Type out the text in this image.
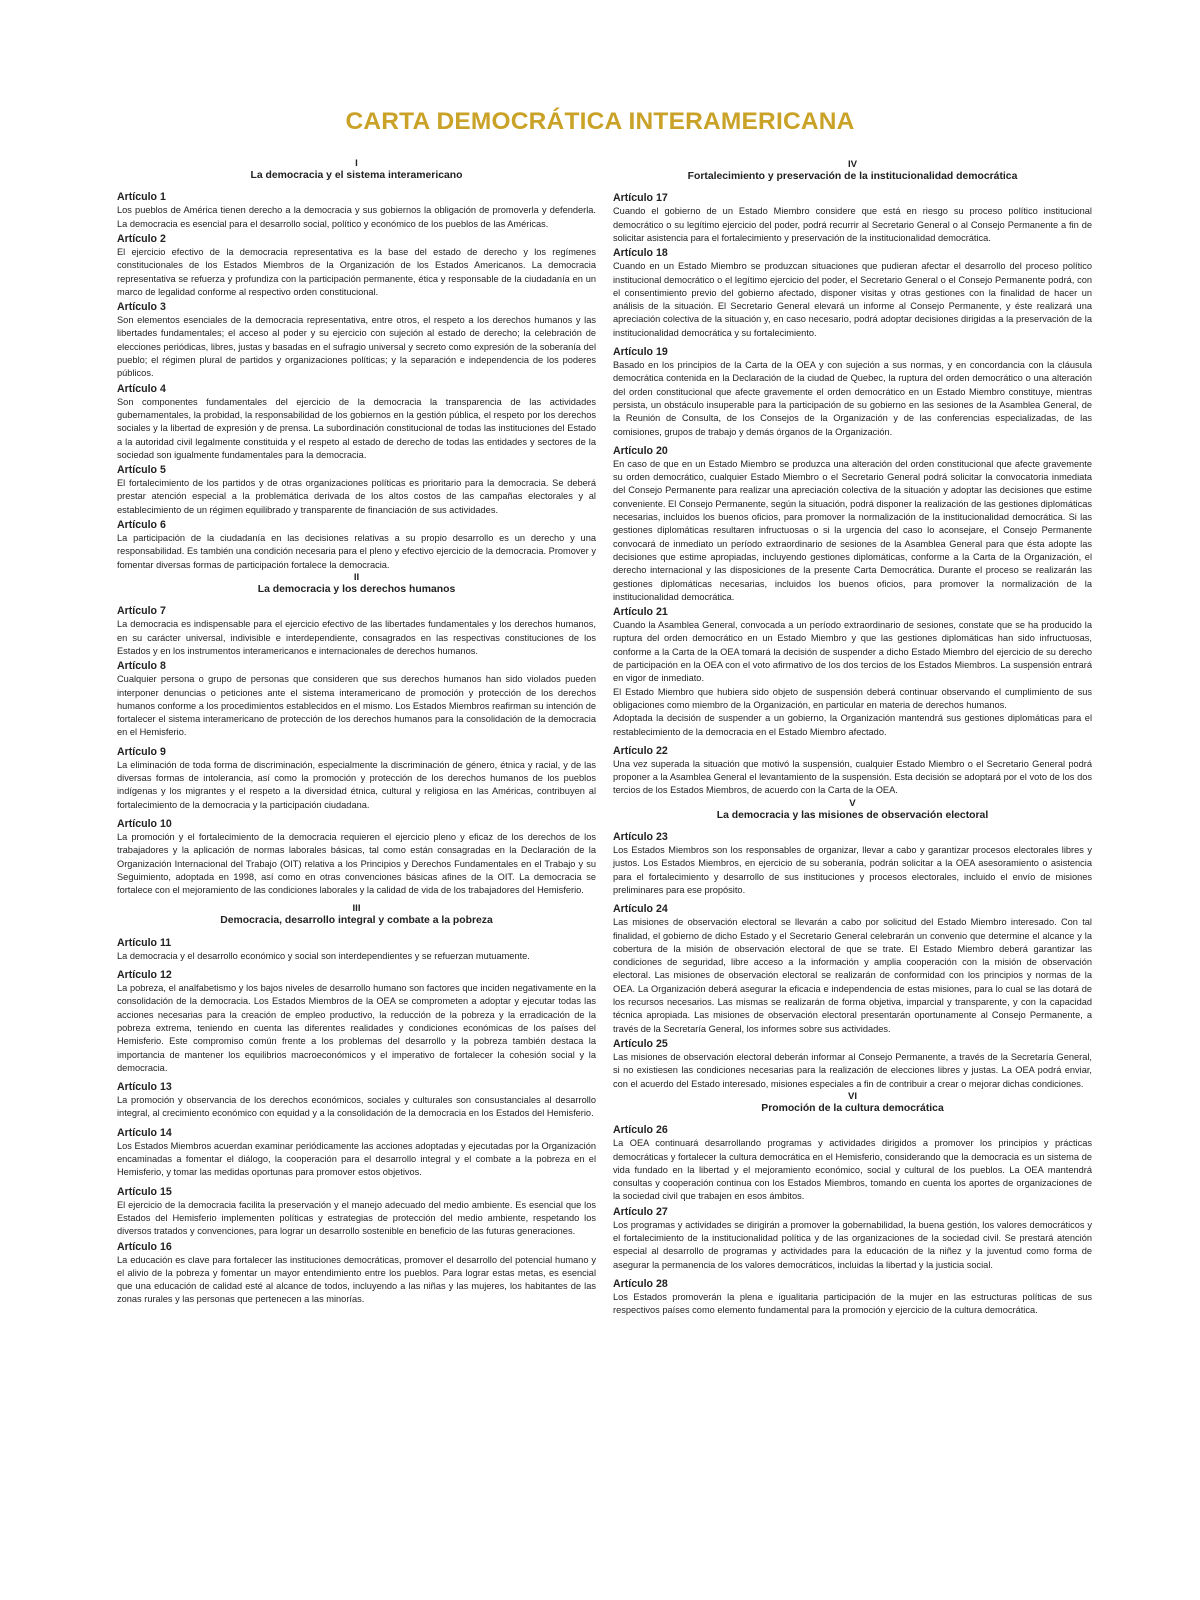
CARTA DEMOCRÁTICA INTERAMERICANA
I
La democracia y el sistema interamericano
Artículo 1

Los pueblos de América tienen derecho a la democracia y sus gobiernos la obligación de promoverla y defenderla. La democracia es esencial para el desarrollo social, político y económico de los pueblos de las Américas.

Artículo 2

El ejercicio efectivo de la democracia representativa es la base del estado de derecho y los regímenes constitucionales de los Estados Miembros de la Organización de los Estados Americanos. La democracia representativa se refuerza y profundiza con la participación permanente, ética y responsable de la ciudadanía en un marco de legalidad conforme al respectivo orden constitucional.

Artículo 3

Son elementos esenciales de la democracia representativa, entre otros, el respeto a los derechos humanos y las libertades fundamentales; el acceso al poder y su ejercicio con sujeción al estado de derecho; la celebración de elecciones periódicas, libres, justas y basadas en el sufragio universal y secreto como expresión de la soberanía del pueblo; el régimen plural de partidos y organizaciones políticas; y la separación e independencia de los poderes públicos.

Artículo 4

Son componentes fundamentales del ejercicio de la democracia la transparencia de las actividades gubernamentales, la probidad, la responsabilidad de los gobiernos en la gestión pública, el respeto por los derechos sociales y la libertad de expresión y de prensa. La subordinación constitucional de todas las instituciones del Estado a la autoridad civil legalmente constituida y el respeto al estado de derecho de todas las entidades y sectores de la sociedad son igualmente fundamentales para la democracia.

Artículo 5

El fortalecimiento de los partidos y de otras organizaciones políticas es prioritario para la democracia. Se deberá prestar atención especial a la problemática derivada de los altos costos de las campañas electorales y al establecimiento de un régimen equilibrado y transparente de financiación de sus actividades.

Artículo 6

La participación de la ciudadanía en las decisiones relativas a su propio desarrollo es un derecho y una responsabilidad. Es también una condición necesaria para el pleno y efectivo ejercicio de la democracia. Promover y fomentar diversas formas de participación fortalece la democracia.

II
La democracia y los derechos humanos
Artículo 7

La democracia es indispensable para el ejercicio efectivo de las libertades fundamentales y los derechos humanos, en su carácter universal, indivisible e interdependiente, consagrados en las respectivas constituciones de los Estados y en los instrumentos interamericanos e internacionales de derechos humanos.

Artículo 8

Cualquier persona o grupo de personas que consideren que sus derechos humanos han sido violados pueden interponer denuncias o peticiones ante el sistema interamericano de promoción y protección de los derechos humanos conforme a los procedimientos establecidos en el mismo. Los Estados Miembros reafirman su intención de fortalecer el sistema interamericano de protección de los derechos humanos para la consolidación de la democracia en el Hemisferio.

Artículo 9

La eliminación de toda forma de discriminación, especialmente la discriminación de género, étnica y racial, y de las diversas formas de intolerancia, así como la promoción y protección de los derechos humanos de los pueblos indígenas y los migrantes y el respeto a la diversidad étnica, cultural y religiosa en las Américas, contribuyen al fortalecimiento de la democracia y la participación ciudadana.

Artículo 10

La promoción y el fortalecimiento de la democracia requieren el ejercicio pleno y eficaz de los derechos de los trabajadores y la aplicación de normas laborales básicas, tal como están consagradas en la Declaración de la Organización Internacional del Trabajo (OIT) relativa a los Principios y Derechos Fundamentales en el Trabajo y su Seguimiento, adoptada en 1998, así como en otras convenciones básicas afines de la OIT. La democracia se fortalece con el mejoramiento de las condiciones laborales y la calidad de vida de los trabajadores del Hemisferio.

III
Democracia, desarrollo integral y combate a la pobreza
Artículo 11

La democracia y el desarrollo económico y social son interdependientes y se refuerzan mutuamente.

Artículo 12

La pobreza, el analfabetismo y los bajos niveles de desarrollo humano son factores que inciden negativamente en la consolidación de la democracia. Los Estados Miembros de la OEA se comprometen a adoptar y ejecutar todas las acciones necesarias para la creación de empleo productivo, la reducción de la pobreza y la erradicación de la pobreza extrema, teniendo en cuenta las diferentes realidades y condiciones económicas de los países del Hemisferio. Este compromiso común frente a los problemas del desarrollo y la pobreza también destaca la importancia de mantener los equilibrios macroeconómicos y el imperativo de fortalecer la cohesión social y la democracia.

Artículo 13

La promoción y observancia de los derechos económicos, sociales y culturales son consustanciales al desarrollo integral, al crecimiento económico con equidad y a la consolidación de la democracia en los Estados del Hemisferio.

Artículo 14

Los Estados Miembros acuerdan examinar periódicamente las acciones adoptadas y ejecutadas por la Organización encaminadas a fomentar el diálogo, la cooperación para el desarrollo integral y el combate a la pobreza en el Hemisferio, y tomar las medidas oportunas para promover estos objetivos.

Artículo 15

El ejercicio de la democracia facilita la preservación y el manejo adecuado del medio ambiente. Es esencial que los Estados del Hemisferio implementen políticas y estrategias de protección del medio ambiente, respetando los diversos tratados y convenciones, para lograr un desarrollo sostenible en beneficio de las futuras generaciones.

Artículo 16

La educación es clave para fortalecer las instituciones democráticas, promover el desarrollo del potencial humano y el alivio de la pobreza y fomentar un mayor entendimiento entre los pueblos. Para lograr estas metas, es esencial que una educación de calidad esté al alcance de todos, incluyendo a las niñas y las mujeres, los habitantes de las zonas rurales y las personas que pertenecen a las minorías.

IV
Fortalecimiento y preservación de la institucionalidad democrática
Artículo 17

Cuando el gobierno de un Estado Miembro considere que está en riesgo su proceso político institucional democrático o su legítimo ejercicio del poder, podrá recurrir al Secretario General o al Consejo Permanente a fin de solicitar asistencia para el fortalecimiento y preservación de la institucionalidad democrática.

Artículo 18

Cuando en un Estado Miembro se produzcan situaciones que pudieran afectar el desarrollo del proceso político institucional democrático o el legítimo ejercicio del poder, el Secretario General o el Consejo Permanente podrá, con el consentimiento previo del gobierno afectado, disponer visitas y otras gestiones con la finalidad de hacer un análisis de la situación. El Secretario General elevará un informe al Consejo Permanente, y éste realizará una apreciación colectiva de la situación y, en caso necesario, podrá adoptar decisiones dirigidas a la preservación de la institucionalidad democrática y su fortalecimiento.

Artículo 19

Basado en los principios de la Carta de la OEA y con sujeción a sus normas, y en concordancia con la cláusula democrática contenida en la Declaración de la ciudad de Quebec, la ruptura del orden democrático o una alteración del orden constitucional que afecte gravemente el orden democrático en un Estado Miembro constituye, mientras persista, un obstáculo insuperable para la participación de su gobierno en las sesiones de la Asamblea General, de la Reunión de Consulta, de los Consejos de la Organización y de las conferencias especializadas, de las comisiones, grupos de trabajo y demás órganos de la Organización.

Artículo 20

En caso de que en un Estado Miembro se produzca una alteración del orden constitucional que afecte gravemente su orden democrático, cualquier Estado Miembro o el Secretario General podrá solicitar la convocatoria inmediata del Consejo Permanente para realizar una apreciación colectiva de la situación y adoptar las decisiones que estime conveniente. El Consejo Permanente, según la situación, podrá disponer la realización de las gestiones diplomáticas necesarias, incluidos los buenos oficios, para promover la normalización de la institucionalidad democrática. Si las gestiones diplomáticas resultaren infructuosas o si la urgencia del caso lo aconsejare, el Consejo Permanente convocará de inmediato un período extraordinario de sesiones de la Asamblea General para que ésta adopte las decisiones que estime apropiadas, incluyendo gestiones diplomáticas, conforme a la Carta de la Organización, el derecho internacional y las disposiciones de la presente Carta Democrática. Durante el proceso se realizarán las gestiones diplomáticas necesarias, incluidos los buenos oficios, para promover la normalización de la institucionalidad democrática.

Artículo 21

Cuando la Asamblea General, convocada a un período extraordinario de sesiones, constate que se ha producido la ruptura del orden democrático en un Estado Miembro y que las gestiones diplomáticas han sido infructuosas, conforme a la Carta de la OEA tomará la decisión de suspender a dicho Estado Miembro del ejercicio de su derecho de participación en la OEA con el voto afirmativo de los dos tercios de los Estados Miembros. La suspensión entrará en vigor de inmediato.

El Estado Miembro que hubiera sido objeto de suspensión deberá continuar observando el cumplimiento de sus obligaciones como miembro de la Organización, en particular en materia de derechos humanos.

Adoptada la decisión de suspender a un gobierno, la Organización mantendrá sus gestiones diplomáticas para el restablecimiento de la democracia en el Estado Miembro afectado.

Artículo 22

Una vez superada la situación que motivó la suspensión, cualquier Estado Miembro o el Secretario General podrá proponer a la Asamblea General el levantamiento de la suspensión. Esta decisión se adoptará por el voto de los dos tercios de los Estados Miembros, de acuerdo con la Carta de la OEA.

V
La democracia y las misiones de observación electoral
Artículo 23

Los Estados Miembros son los responsables de organizar, llevar a cabo y garantizar procesos electorales libres y justos. Los Estados Miembros, en ejercicio de su soberanía, podrán solicitar a la OEA asesoramiento o asistencia para el fortalecimiento y desarrollo de sus instituciones y procesos electorales, incluido el envío de misiones preliminares para ese propósito.

Artículo 24

Las misiones de observación electoral se llevarán a cabo por solicitud del Estado Miembro interesado. Con tal finalidad, el gobierno de dicho Estado y el Secretario General celebrarán un convenio que determine el alcance y la cobertura de la misión de observación electoral de que se trate. El Estado Miembro deberá garantizar las condiciones de seguridad, libre acceso a la información y amplia cooperación con la misión de observación electoral. Las misiones de observación electoral se realizarán de conformidad con los principios y normas de la OEA. La Organización deberá asegurar la eficacia e independencia de estas misiones, para lo cual se las dotará de los recursos necesarios. Las mismas se realizarán de forma objetiva, imparcial y transparente, y con la capacidad técnica apropiada. Las misiones de observación electoral presentarán oportunamente al Consejo Permanente, a través de la Secretaría General, los informes sobre sus actividades.

Artículo 25

Las misiones de observación electoral deberán informar al Consejo Permanente, a través de la Secretaría General, si no existiesen las condiciones necesarias para la realización de elecciones libres y justas. La OEA podrá enviar, con el acuerdo del Estado interesado, misiones especiales a fin de contribuir a crear o mejorar dichas condiciones.

VI
Promoción de la cultura democrática
Artículo 26

La OEA continuará desarrollando programas y actividades dirigidos a promover los principios y prácticas democráticas y fortalecer la cultura democrática en el Hemisferio, considerando que la democracia es un sistema de vida fundado en la libertad y el mejoramiento económico, social y cultural de los pueblos. La OEA mantendrá consultas y cooperación continua con los Estados Miembros, tomando en cuenta los aportes de organizaciones de la sociedad civil que trabajen en esos ámbitos.

Artículo 27

Los programas y actividades se dirigirán a promover la gobernabilidad, la buena gestión, los valores democráticos y el fortalecimiento de la institucionalidad política y de las organizaciones de la sociedad civil. Se prestará atención especial al desarrollo de programas y actividades para la educación de la niñez y la juventud como forma de asegurar la permanencia de los valores democráticos, incluidas la libertad y la justicia social.

Artículo 28

Los Estados promoverán la plena e igualitaria participación de la mujer en las estructuras políticas de sus respectivos países como elemento fundamental para la promoción y ejercicio de la cultura democrática.
